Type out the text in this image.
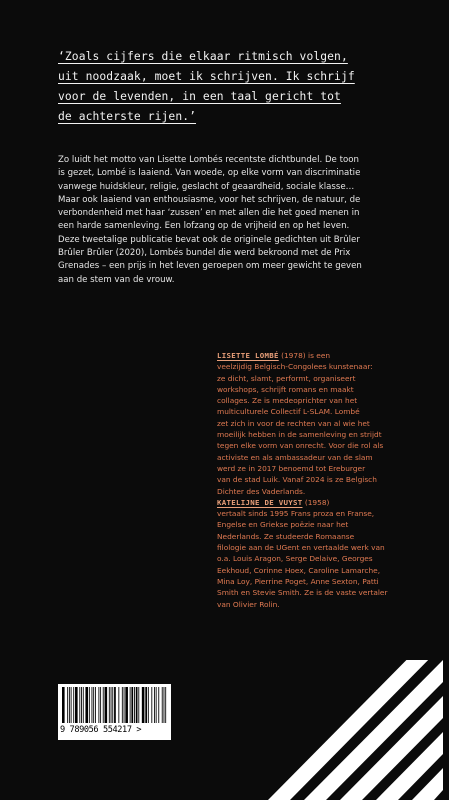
‘Zoals cijfers die elkaar ritmisch volgen,
uit noodzaak, moet ik schrijven. Ik schrijf
voor de levenden, in een taal gericht tot
de achterste rijen.’
Zo luidt het motto van Lisette Lombés recentste dichtbundel. De toon
is gezet, Lombé is laaiend. Van woede, op elke vorm van discriminatie
vanwege huidskleur, religie, geslacht of geaardheid, sociale klasse…
Maar ook laaiend van enthousiasme, voor het schrijven, de natuur, de
verbondenheid met haar ‘zussen’ en met allen die het goed menen in
een harde samenleving. Een lofzang op de vrijheid en op het leven.
Deze tweetalige publicatie bevat ook de originele gedichten uit Brûler
Brûler Brûler (2020), Lombés bundel die werd bekroond met de Prix
Grenades – een prijs in het leven geroepen om meer gewicht te geven
aan de stem van de vrouw.
LISETTE LOMBÉ (1978) is een
veelzijdig Belgisch-Congolees kunstenaar:
ze dicht, slamt, performt, organiseert
workshops, schrijft romans en maakt
collages. Ze is medeoprichter van het
multiculturele Collectif L-SLAM. Lombé
zet zich in voor de rechten van al wie het
moeilijk hebben in de samenleving en strijdt
tegen elke vorm van onrecht. Voor die rol als
activiste en als ambassadeur van de slam
werd ze in 2017 benoemd tot Ereburger
van de stad Luik. Vanaf 2024 is ze Belgisch
Dichter des Vaderlands.
KATELIJNE DE VUYST (1958)
vertaalt sinds 1995 Frans proza en Franse,
Engelse en Griekse poëzie naar het
Nederlands. Ze studeerde Romaanse
filologie aan de UGent en vertaalde werk van
o.a. Louis Aragon, Serge Delaive, Georges
Eekhoud, Corinne Hoex, Caroline Lamarche,
Mina Loy, Pierrine Poget, Anne Sexton, Patti
Smith en Stevie Smith. Ze is de vaste vertaler
van Olivier Rolin.
9 789056 554217 >
